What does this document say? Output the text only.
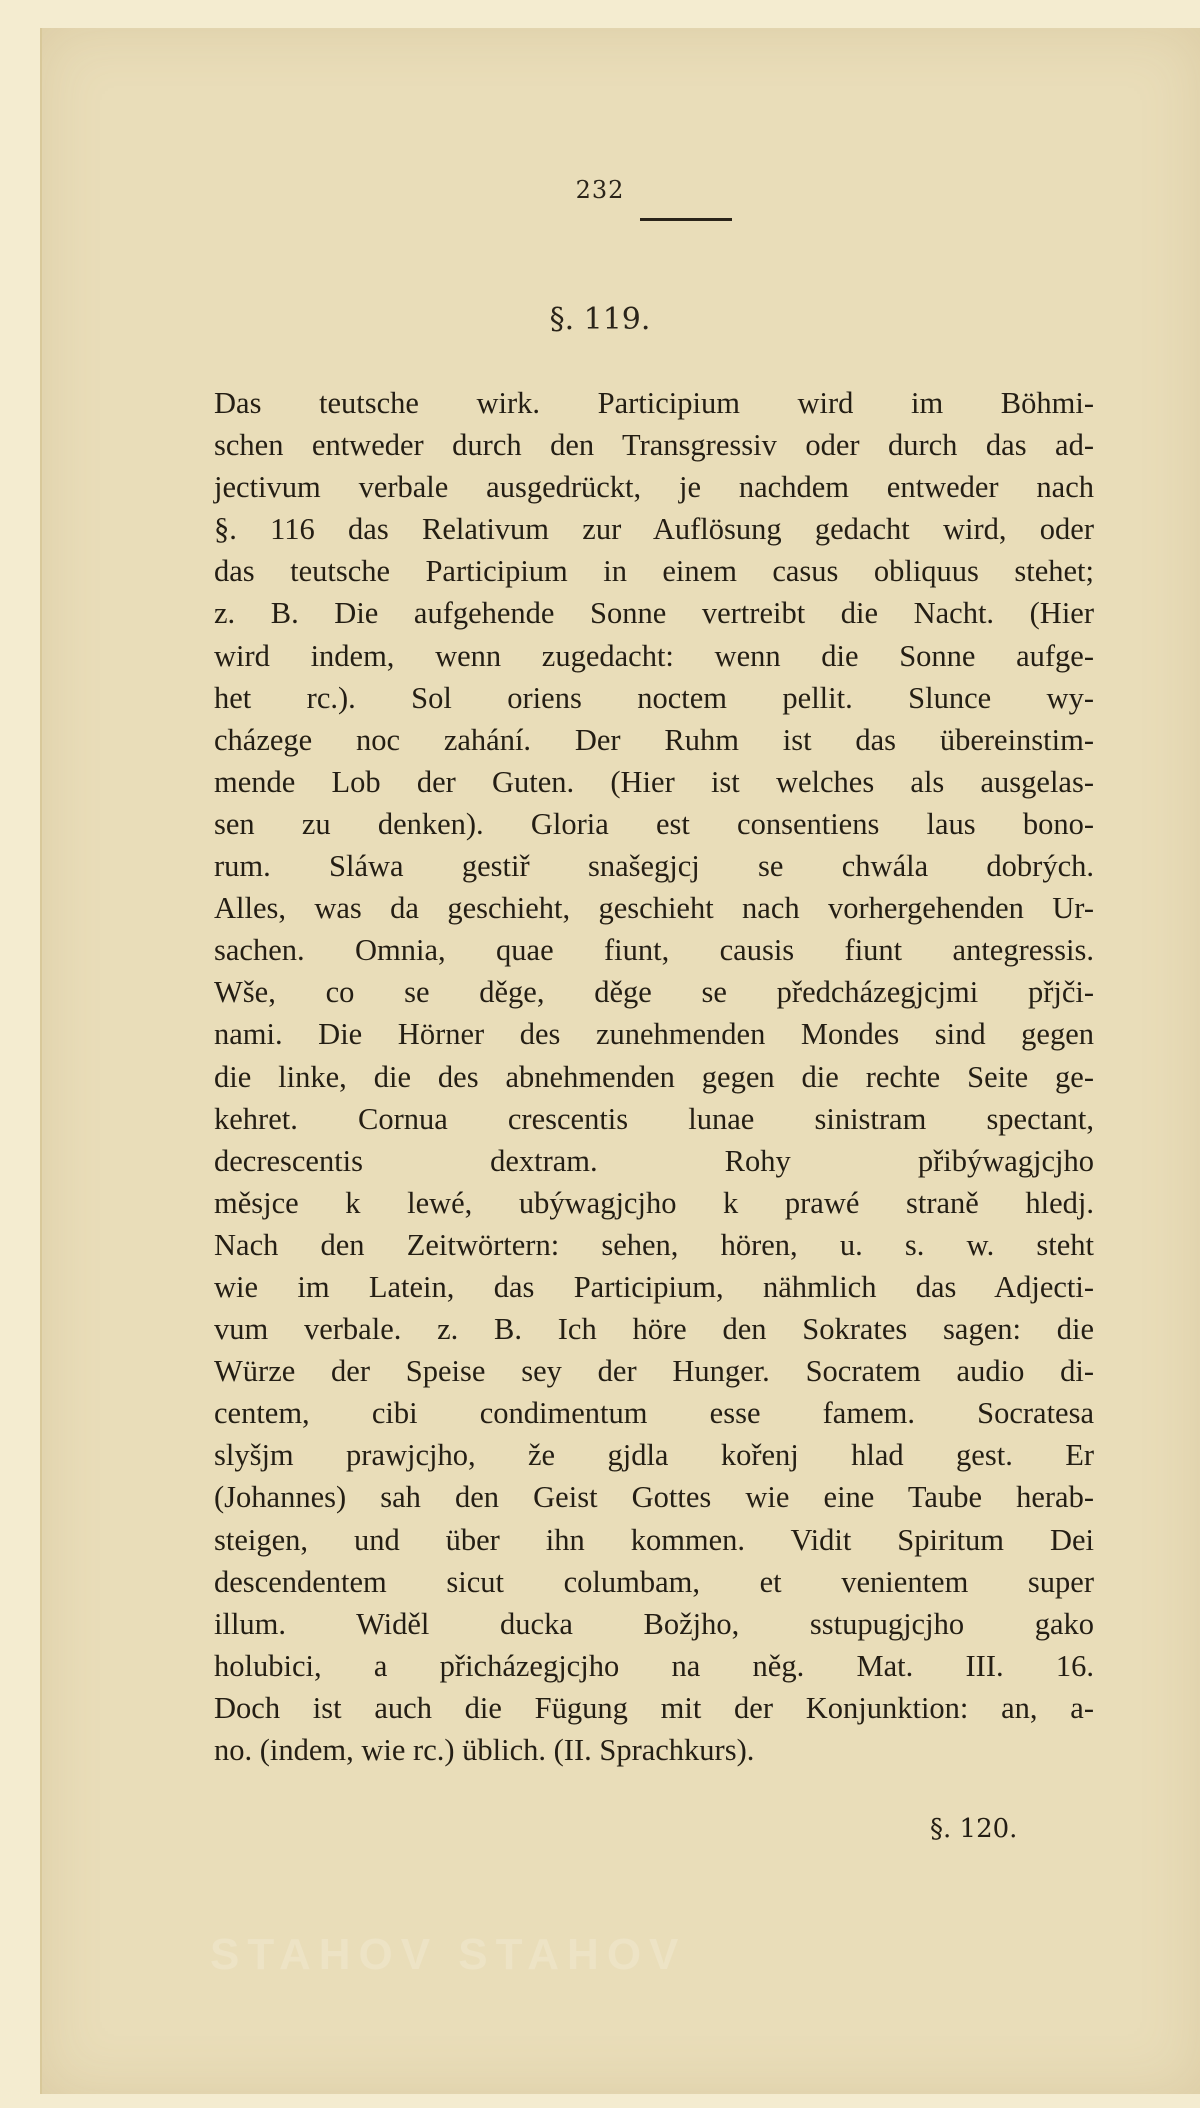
232
§. 119.
Das teutsche wirk. Participium wird im Böhmi-
schen entweder durch den Transgressiv oder durch das ad-
jectivum verbale ausgedrückt, je nachdem entweder nach
§. 116 das Relativum zur Auflösung gedacht wird, oder
das teutsche Participium in einem casus obliquus stehet;
z. B. Die aufgehende Sonne vertreibt die Nacht. (Hier
wird indem, wenn zugedacht: wenn die Sonne aufge-
het rc.). Sol oriens noctem pellit. Slunce wy-
cházege noc zahání. Der Ruhm ist das übereinstim-
mende Lob der Guten. (Hier ist welches als ausgelas-
sen zu denken). Gloria est consentiens laus bono-
rum. Sláwa gestiř snašegjcj se chwála dobrých.
Alles, was da geschieht, geschieht nach vorhergehenden Ur-
sachen. Omnia, quae fiunt, causis fiunt antegressis.
Wše, co se děge, děge se předcházegjcjmi přjči-
nami. Die Hörner des zunehmenden Mondes sind gegen
die linke, die des abnehmenden gegen die rechte Seite ge-
kehret. Cornua crescentis lunae sinistram spectant,
decrescentis dextram. Rohy přibýwagjcjho
měsjce k lewé, ubýwagjcjho k prawé straně hledj.
Nach den Zeitwörtern: sehen, hören, u. s. w. steht
wie im Latein, das Participium, nähmlich das Adjecti-
vum verbale. z. B. Ich höre den Sokrates sagen: die
Würze der Speise sey der Hunger. Socratem audio di-
centem, cibi condimentum esse famem. Socratesa
slyšjm prawjcjho, že gjdla kořenj hlad gest. Er
(Johannes) sah den Geist Gottes wie eine Taube herab-
steigen, und über ihn kommen. Vidit Spiritum Dei
descendentem sicut columbam, et venientem super
illum. Widěl ducka Božjho, sstupugjcjho gako
holubici, a přicházegjcjho na něg. Mat. III. 16.
Doch ist auch die Fügung mit der Konjunktion: an, a-
no. (indem, wie rc.) üblich. (II. Sprachkurs).
§. 120.
STAHOV STAHOV
